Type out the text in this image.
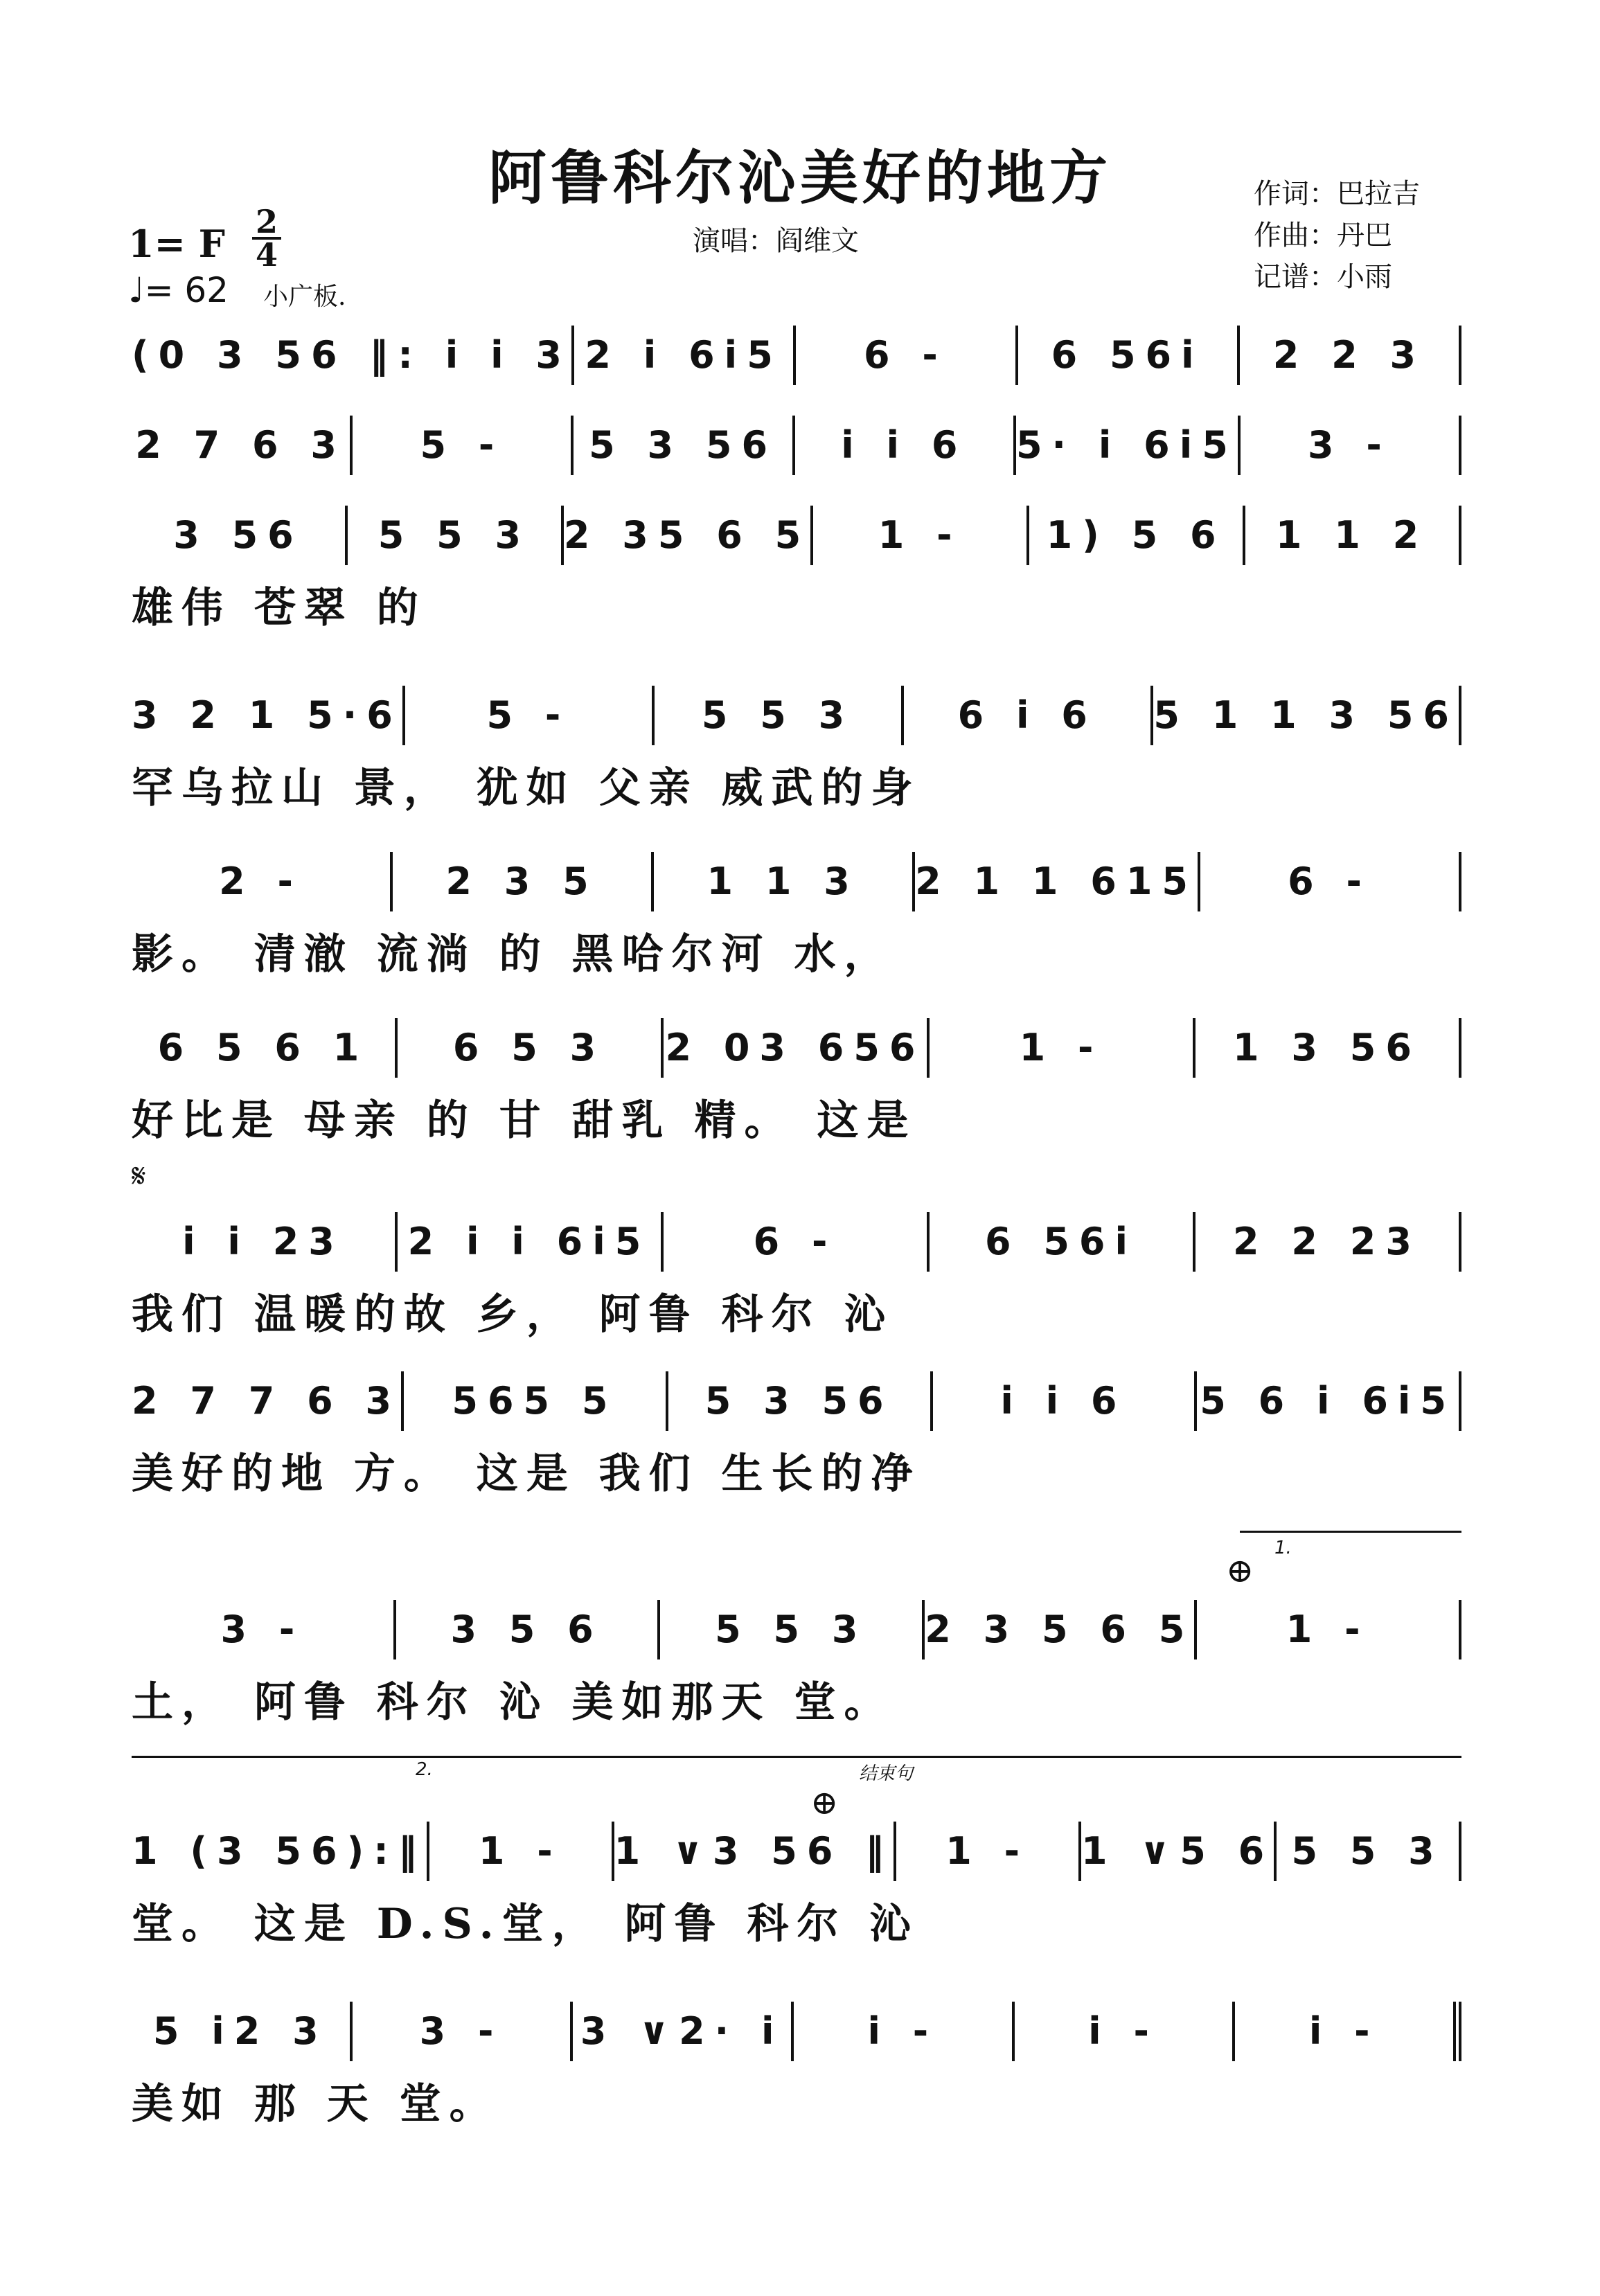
阿鲁科尔沁美好的地方	作词：巴拉吉
作曲：丹巴
记谱：小雨
演唱：阎维文
1= F 2
4
♩= 62 小广板.
(0 3 56 ‖: i i 3 2 i 6i5	6 -	6 56i	2 2 3
2 7 6 3	5 -	5 3 56	i i 6	5· i 6i5	3 -
3 56	5 5 3 2 35 6 5	1 -	1) 5 6	1 1 2
雄伟 苍翠 的
3 2 1 5·6	5 -	5 5 3	6 i 6	5 1 1 3 56
罕乌拉山 景， 犹如 父亲 威武的身
2 -	2 3 5	1 1 3	2 1 1 615	6 -
影。 清澈 流淌 的 黑哈尔河 水，
6 5 6 1	6 5 3	2 03 656	1 -	1 3 56
好比是 母亲 的 甘 甜乳 精。 这是
i i 23	2 i i 6i5	6 -	6 56i	2 2 23
我们 温暖的故 乡， 阿鲁 科尔 沁
2 7 7 6 3	565 5	5 3 56	i i 6	5 6 i 6i5
美好的地 方。 这是 我们 生长的净
3 -	3 5 6	5 5 3	2 3 5 6 5	1 -
土， 阿鲁 科尔 沁 美如那天 堂。
1 (3 56):‖	1 -	1 ∨3 56 ‖	1 -	1 ∨5 6 5 5 3
堂。 这是 D.S.堂， 阿鲁 科尔 沁
5 i2 3	3 -	3 ∨2· i	i -	i -	i -
美如 那 天 堂。
𝄋
⊕
⊕
1.
2.	结束句
